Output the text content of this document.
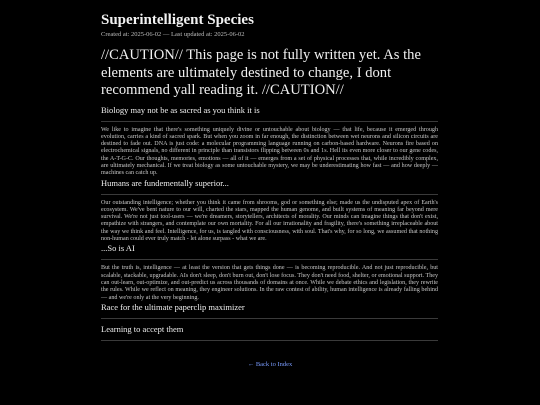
Superintelligent Species
Created at: 2025-06-02 — Last updated at: 2025-06-02
//CAUTION// This page is not fully written yet. As the elements are ultimately destined to change, I dont recommend yall reading it. //CAUTION//
Biology may not be as sacred as you think it is
We like to imagine that there's something uniquely divine or untouchable about biology — that life, because it emerged through evolution, carries a kind of sacred spark. But when you zoom in far enough, the distinction between wet neurons and silicon circuits are destined to fade out. DNA is just code: a molecular programming language running on carbon-based hardware. Neurons fire based on electrochemical signals, no different in principle than transistors flipping between 0s and 1s. Hell its even more closer to our gene codes, the A-T-G-C. Our thoughts, memories, emotions — all of it — emerges from a set of physical processes that, while incredibly complex, are ultimately mechanical. If we treat biology as some untouchable mystery, we may be underestimating how fast — and how deeply — machines can catch up.
Humans are fundementally superior...
Our outstanding intelligence; whether you think it came from shrooms, god or something else; made us the undisputed apex of Earth's ecosystem. We've bent nature to our will, charted the stars, mapped the human genome, and built systems of meaning far beyond mere survival. We're not just tool-users — we're dreamers, storytellers, architects of morality. Our minds can imagine things that don't exist, empathize with strangers, and contemplate our own mortality. For all our irrationality and fragility, there's something irreplaceable about the way we think and feel. Intelligence, for us, is tangled with consciousness, with soul. That's why, for so long, we assumed that nothing non-human could ever truly match - let alone surpass - what we are.
...So is AI
But the truth is, intelligence — at least the version that gets things done — is becoming reproducible. And not just reproducible, but scalable, stackable, upgradable. AIs don't sleep, don't burn out, don't lose focus. They don't need food, shelter, or emotional support. They can out-learn, out-optimize, and out-predict us across thousands of domains at once. While we debate ethics and legislation, they rewrite the rules. While we reflect on meaning, they engineer solutions. In the raw contest of ability, human intelligence is already falling behind — and we're only at the very beginning.
Race for the ultimate paperclip maximizer
Learning to accept them
← Back to Index
